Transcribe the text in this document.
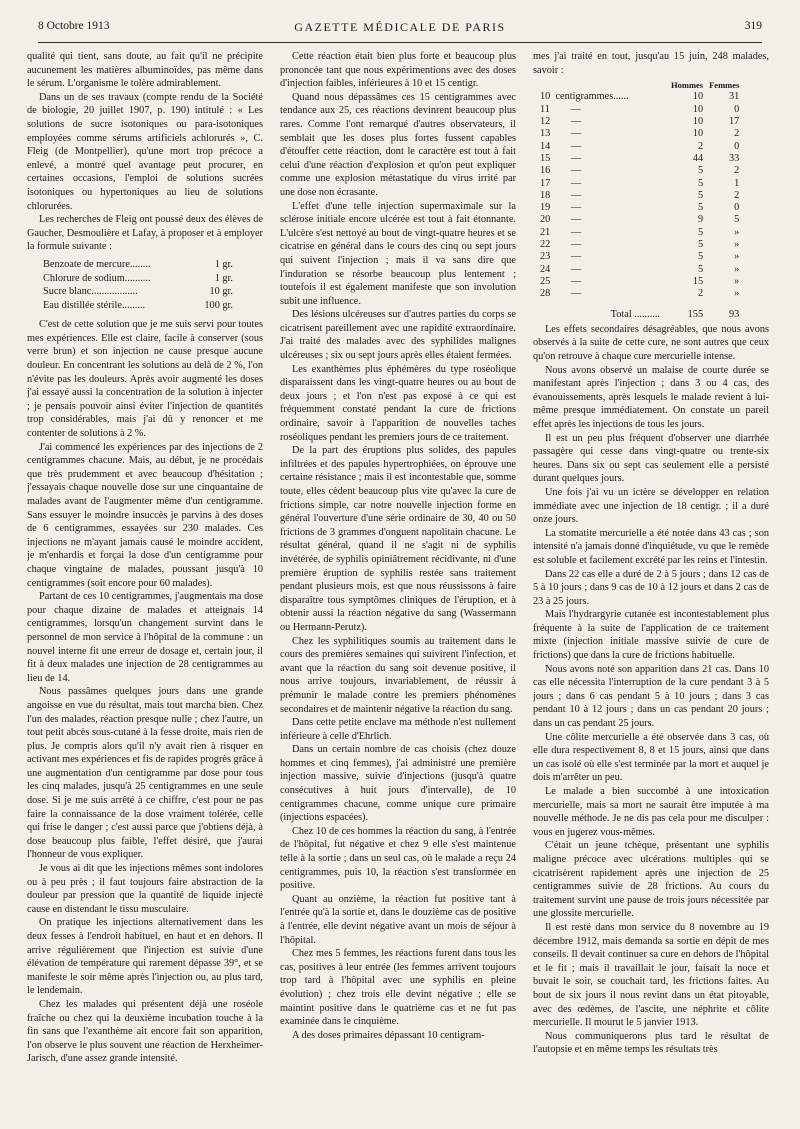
8 Octobre 1913	GAZETTE MÉDICALE DE PARIS	319

qualité qui tient, sans doute, au fait qu'il ne précipite aucunement les matières albuminoïdes, pas même dans le sérum. L'organisme le tolère admirablement.

Dans un de ses travaux (compte rendu de la Société de biologie, 20 juillet 1907, p. 190) intitulé : « Les solutions de sucre isotoniques ou para-isotoniques employées comme sérums artificiels achlorurés », C. Fleig (de Montpellier), qu'une mort trop précoce a enlevé, a montré quel avantage peut procurer, en certaines occasions, l'emploi de solutions sucrées isotoniques ou hypertoniques au lieu de solutions chlorurées.

Les recherches de Fleig ont poussé deux des élèves de Gaucher, Desmoulière et Lafay, à proposer et à employer la formule suivante :

Benzoate de mercure........	1 gr.
Chlorure de sodium..........	1 gr.
Sucre blanc..................	10 gr.
Eau distillée stérile.........	100 gr.

C'est de cette solution que je me suis servi pour toutes mes expériences. Elle est claire, facile à conserver (sous verre brun) et son injection ne cause presque aucune douleur. En concentrant les solutions au delà de 2 %, l'on n'évite pas les douleurs. Après avoir augmenté les doses j'ai essayé aussi la concentration de la solution à injecter ; je pensais pouvoir ainsi éviter l'injection de quantités trop considérables, mais j'ai dû y renoncer et me contenter de solutions à 2 %.

J'ai commencé les expériences par des injections de 2 centigrammes chacune. Mais, au début, je ne procédais que très prudemment et avec beaucoup d'hésitation ; j'essayais chaque nouvelle dose sur une cinquantaine de malades avant de l'augmenter même d'un centigramme. Sans essuyer le moindre insuccès je parvins à des doses de 6 centigrammes, essayées sur 230 malades. Ces injections ne m'ayant jamais causé le moindre accident, je m'enhardis et forçai la dose d'un centigramme pour chaque vingtaine de malades, poussant jusqu'à 10 centigrammes (soit encore pour 60 malades).

Partant de ces 10 centigrammes, j'augmentais ma dose pour chaque dizaine de malades et atteignais 14 centigrammes, lorsqu'un changement survint dans le personnel de mon service à l'hôpital de la commune : un nouvel interne fit une erreur de dosage et, certain jour, il fit à deux malades une injection de 28 centigrammes au lieu de 14.

Nous passâmes quelques jours dans une grande angoisse en vue du résultat, mais tout marcha bien. Chez l'un des malades, réaction presque nulle ; chez l'autre, un tout petit abcès sous-cutané à la fesse droite, mais rien de plus. Je compris alors qu'il n'y avait rien à risquer en activant mes expériences et fis de rapides progrès grâce à une augmentation d'un centigramme par dose pour tous les cinq malades, jusqu'à 25 centigrammes en une seule dose. Si je me suis arrêté à ce chiffre, c'est pour ne pas faire la connaissance de la dose vraiment tolérée, celle qui frise le danger ; c'est aussi parce que j'obtiens déjà, à dose beaucoup plus faible, l'effet désiré, que j'aurai l'honneur de vous expliquer.

Je vous ai dit que les injections mêmes sont indolores ou à peu près ; il faut toujours faire abstraction de la douleur par pression que la quantité de liquide injecté cause en distendant le tissu musculaire.

On pratique les injections alternativement dans les deux fesses à l'endroit habituel, en haut et en dehors. Il arrive régulièrement que l'injection est suivie d'une élévation de température qui rarement dépasse 39°, et se manifeste le soir même après l'injection ou, au plus tard, le lendemain.

Chez les malades qui présentent déjà une roséole fraîche ou chez qui la deuxième incubation touche à la fin sans que l'exanthème ait encore fait son apparition, l'on observe le plus souvent une réaction de Herxheimer-Jarisch, d'une assez grande intensité.

Cette réaction était bien plus forte et beaucoup plus prononcée tant que nous expérimentions avec des doses d'injection faibles, inférieures à 10 et 15 centigr.

Quand nous dépassâmes ces 15 centigrammes avec tendance aux 25, ces réactions devinrent beaucoup plus rares. Comme l'ont remarqué d'autres observateurs, il semblait que les doses plus fortes fussent capables d'étouffer cette réaction, dont le caractère est tout à fait celui d'une réaction d'explosion et qu'on peut expliquer comme une explosion métastatique du virus irrité par une dose non écrasante.

L'effet d'une telle injection supermaximale sur la sclérose initiale encore ulcérée est tout à fait étonnante. L'ulcère s'est nettoyé au bout de vingt-quatre heures et se cicatrise en général dans le cours des cinq ou sept jours qui suivent l'injection ; mais il va sans dire que l'induration se résorbe beaucoup plus lentement ; toutefois il est également manifeste que son involution subit une influence.

Des lésions ulcéreuses sur d'autres parties du corps se cicatrisent pareillement avec une rapidité extraordinaire. J'ai traité des malades avec des syphilides malignes ulcéreuses ; six ou sept jours après elles étaient fermées.

Les exanthèmes plus éphémères du type roséolique disparaissent dans les vingt-quatre heures ou au bout de deux jours ; et l'on n'est pas exposé à ce qui est fréquemment constaté pendant la cure de frictions ordinaire, savoir à l'apparition de nouvelles taches roséoliques pendant les premiers jours de ce traitement.

De la part des éruptions plus solides, des papules infiltrées et des papules hypertrophiées, on éprouve une certaine résistance ; mais il est incontestable que, somme toute, elles cèdent beaucoup plus vite qu'avec la cure de frictions simple, car notre nouvelle injection forme en général l'ouverture d'une série ordinaire de 30, 40 ou 50 frictions de 3 grammes d'onguent napolitain chacune. Le résultat général, quand il ne s'agit ni de syphilis invétérée, de syphilis opiniâtrement récidivante, ni d'une première éruption de syphilis restée sans traitement pendant plusieurs mois, est que nous réussissons à faire disparaître tous symptômes cliniques de l'éruption, et à obtenir aussi la réaction négative du sang (Wassermann ou Hermann-Perutz).

Chez les syphilitiques soumis au traitement dans le cours des premières semaines qui suivirent l'infection, et avant que la réaction du sang soit devenue positive, il nous arrive toujours, invariablement, de réussir à prémunir le malade contre les premiers phénomènes secondaires et de maintenir négative la réaction du sang.

Dans cette petite enclave ma méthode n'est nullement inférieure à celle d'Ehrlich.

Dans un certain nombre de cas choisis (chez douze hommes et cinq femmes), j'ai administré une première injection massive, suivie d'injections (jusqu'à quatre consécutives à huit jours d'intervalle), de 10 centigrammes chacune, comme unique cure primaire (injections espacées).

Chez 10 de ces hommes la réaction du sang, à l'entrée de l'hôpital, fut négative et chez 9 elle s'est maintenue telle à la sortie ; dans un seul cas, où le malade a reçu 24 centigrammes, puis 10, la réaction s'est transformée en positive.

Quant au onzième, la réaction fut positive tant à l'entrée qu'à la sortie et, dans le douzième cas de positive à l'entrée, elle devint négative avant un mois de séjour à l'hôpital.

Chez mes 5 femmes, les réactions furent dans tous les cas, positives à leur entrée (les femmes arrivent toujours trop tard à l'hôpital avec une syphilis en pleine évolution) ; chez trois elle devint négative ; elle se maintint positive dans le quatrième cas et ne fut pas examinée dans le cinquième.

A des doses primaires dépassant 10 centigram-

mes j'ai traité en tout, jusqu'au 15 juin, 248 malades, savoir :

	Hommes	Femmes
10  centigrammes......	10	31
11        —	10	0
12        —	10	17
13        —	10	2
14        —	2	0
15        —	44	33
16        —	5	2
17        —	5	1
18        —	5	2
19        —	5	0
20        —	9	5
21        —	5	»
22        —	5	»
23        —	5	»
24        —	5	»
25        —	15	»
28        —	2	»
Total ..........	155	93

Les effets secondaires désagréables, que nous avons observés à la suite de cette cure, ne sont autres que ceux qu'on retrouve à chaque cure mercurielle intense.

Nous avons observé un malaise de courte durée se manifestant après l'injection ; dans 3 ou 4 cas, des évanouissements, après lesquels le malade revient à lui-même presque immédiatement. On constate un pareil effet après les injections de tous les jours.

Il est un peu plus fréquent d'observer une diarrhée passagère qui cesse dans vingt-quatre ou trente-six heures. Dans six ou sept cas seulement elle a persisté durant quelques jours.

Une fois j'ai vu un ictère se développer en relation immédiate avec une injection de 18 centigr. ; il a duré onze jours.

La stomatite mercurielle a été notée dans 43 cas ; son intensité n'a jamais donné d'inquiétude, vu que le remède est soluble et facilement excrété par les reins et l'intestin.

Dans 22 cas elle a duré de 2 à 5 jours ; dans 12 cas de 5 à 10 jours ; dans 9 cas de 10 à 12 jours et dans 2 cas de 23 à 25 jours.

Mais l'hydrargyrie cutanée est incontestablement plus fréquente à la suite de l'application de ce traitement mixte (injection initiale massive suivie de cure de frictions) que dans la cure de frictions habituelle.

Nous avons noté son apparition dans 21 cas. Dans 10 cas elle nécessita l'interruption de la cure pendant 3 à 5 jours ; dans 6 cas pendant 5 à 10 jours ; dans 3 cas pendant 10 à 12 jours ; dans un cas pendant 20 jours ; dans un cas pendant 25 jours.

Une côlite mercurielle a été observée dans 3 cas, où elle dura respectivement 8, 8 et 15 jours, ainsi que dans un cas isolé où elle s'est terminée par la mort et auquel je dois m'arrêter un peu.

Le malade a bien succombé à une intoxication mercurielle, mais sa mort ne saurait être imputée à ma nouvelle méthode. Je ne dis pas cela pour me disculper : vous en jugerez vous-mêmes.

C'était un jeune tchèque, présentant une syphilis maligne précoce avec ulcérations multiples qui se cicatrisèrent rapidement après une injection de 25 centigrammes suivie de 28 frictions. Au cours du traitement survint une pause de trois jours nécessitée par une glossite mercurielle.

Il est resté dans mon service du 8 novembre au 19 décembre 1912, mais demanda sa sortie en dépit de mes conseils. Il devait continuer sa cure en dehors de l'hôpital et le fit ; mais il travaillait le jour, faisait la noce et buvait le soir, se couchait tard, les frictions faites. Au bout de six jours il nous revint dans un état pitoyable, avec des œdèmes, de l'ascite, une néphrite et côlite mercurielle. Il mourut le 5 janvier 1913.

Nous communiquerons plus tard le résultat de l'autopsie et en même temps les résultats très
